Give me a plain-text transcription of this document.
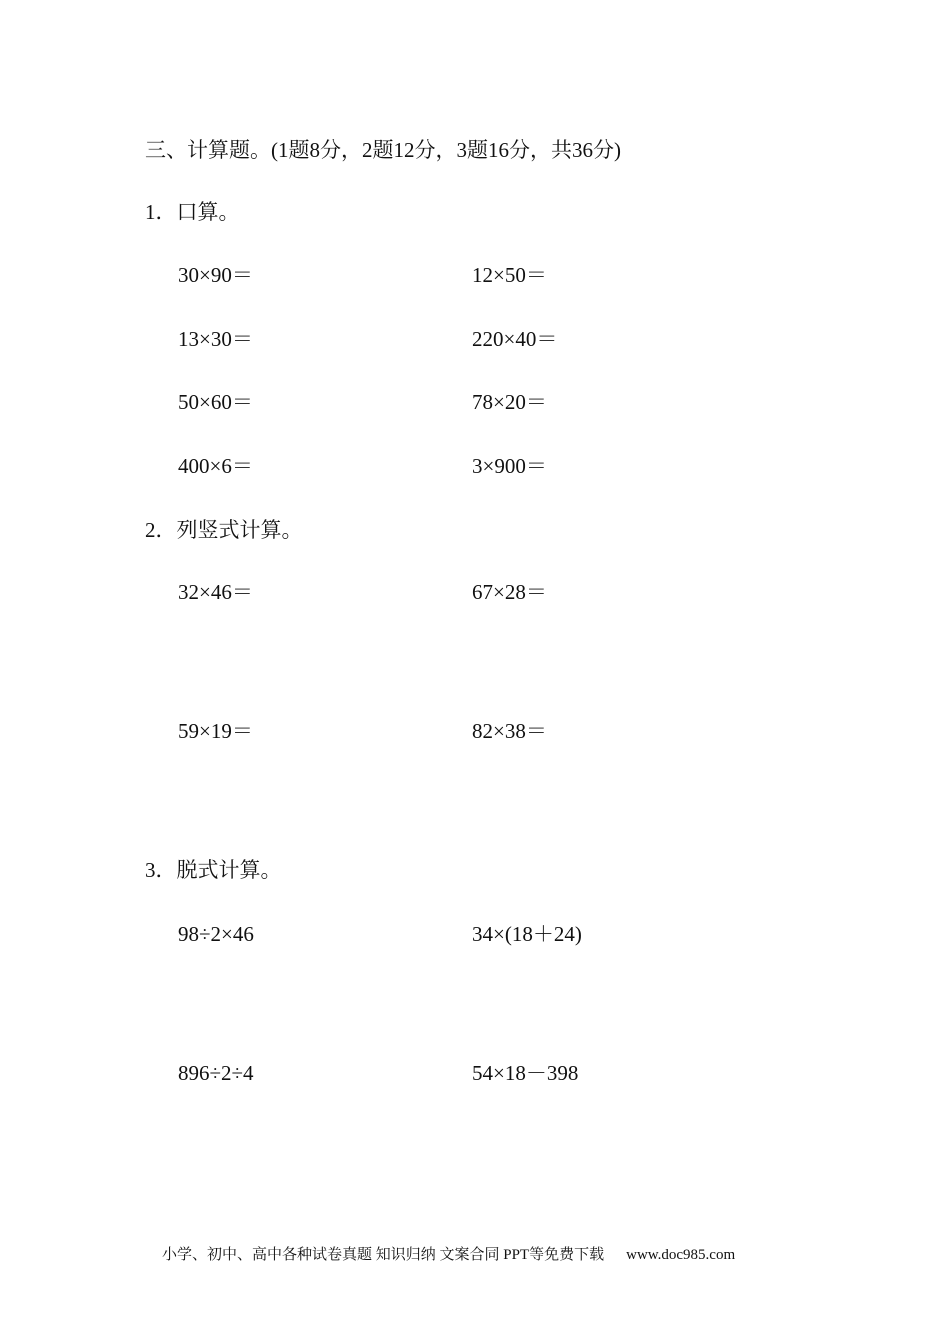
三、计算题。(1题8分，2题12分，3题16分，共36分)
1．口算。
30×90＝	12×50＝
13×30＝	220×40＝
50×60＝	78×20＝
400×6＝	3×900＝
2．列竖式计算。
32×46＝	67×28＝
59×19＝	82×38＝
3．脱式计算。
98÷2×46	34×(18＋24)
896÷2÷4	54×18－398
小学、初中、高中各种试卷真题 知识归纳 文案合同 PPT等免费下载 www.doc985.com
